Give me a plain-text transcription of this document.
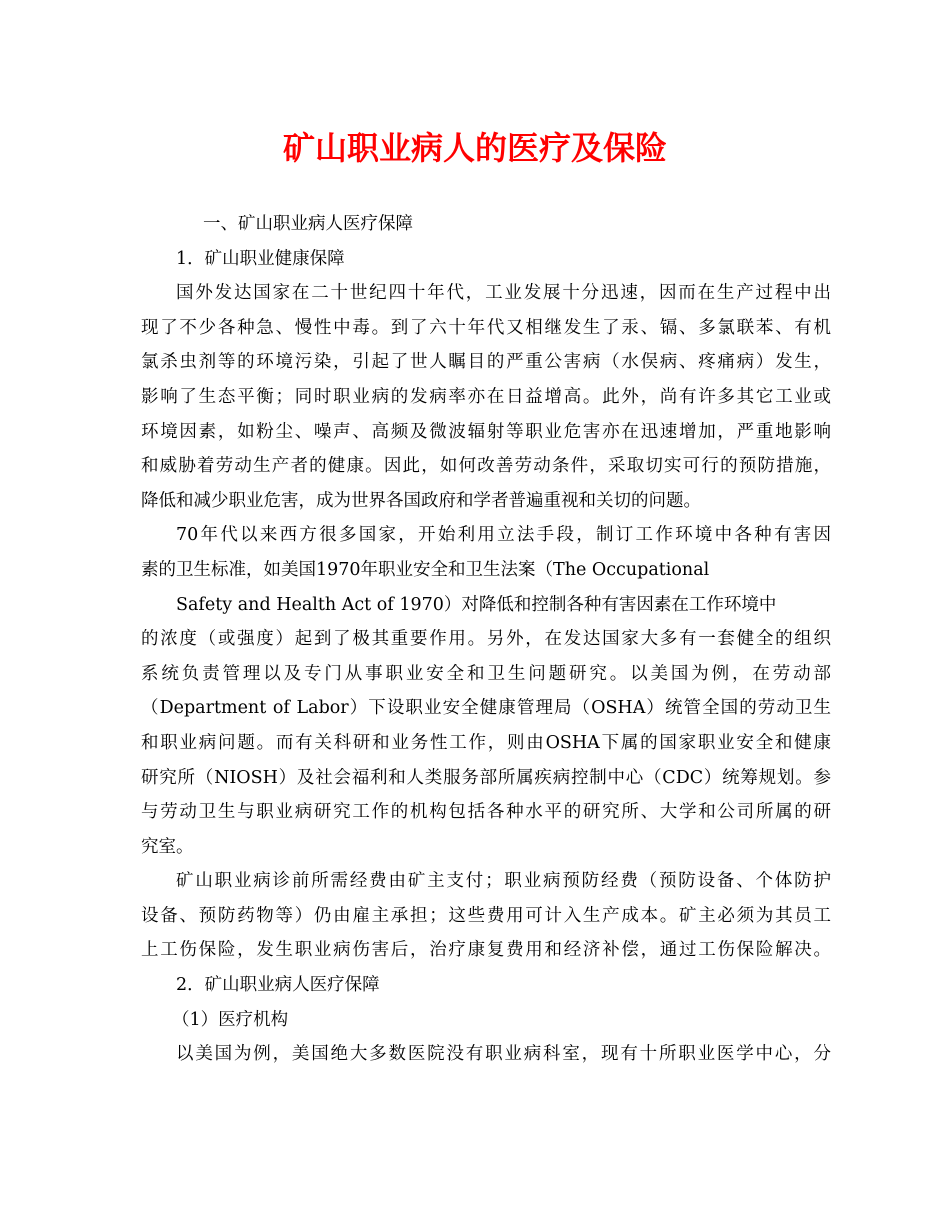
矿山职业病人的医疗及保险
一、矿山职业病人医疗保障
1．矿山职业健康保障
国外发达国家在二十世纪四十年代，工业发展十分迅速，因而在生产过程中出
现了不少各种急、慢性中毒。到了六十年代又相继发生了汞、镉、多氯联苯、有机
氯杀虫剂等的环境污染，引起了世人瞩目的严重公害病（水俣病、疼痛病）发生，
影响了生态平衡；同时职业病的发病率亦在日益增高。此外，尚有许多其它工业或
环境因素，如粉尘、噪声、高频及微波辐射等职业危害亦在迅速增加，严重地影响
和威胁着劳动生产者的健康。因此，如何改善劳动条件，采取切实可行的预防措施，
降低和减少职业危害，成为世界各国政府和学者普遍重视和关切的问题。
70年代以来西方很多国家，开始利用立法手段，制订工作环境中各种有害因
素的卫生标准，如美国1970年职业安全和卫生法案（The Occupational
Safety and Health Act of 1970）对降低和控制各种有害因素在工作环境中
的浓度（或强度）起到了极其重要作用。另外，在发达国家大多有一套健全的组织
系统负责管理以及专门从事职业安全和卫生问题研究。以美国为例，在劳动部
（Department of Labor）下设职业安全健康管理局（OSHA）统管全国的劳动卫生
和职业病问题。而有关科研和业务性工作，则由OSHA下属的国家职业安全和健康
研究所（NIOSH）及社会福利和人类服务部所属疾病控制中心（CDC）统筹规划。参
与劳动卫生与职业病研究工作的机构包括各种水平的研究所、大学和公司所属的研
究室。
矿山职业病诊前所需经费由矿主支付；职业病预防经费（预防设备、个体防护
设备、预防药物等）仍由雇主承担；这些费用可计入生产成本。矿主必须为其员工
上工伤保险，发生职业病伤害后，治疗康复费用和经济补偿，通过工伤保险解决。
2．矿山职业病人医疗保障
（1）医疗机构
以美国为例，美国绝大多数医院没有职业病科室，现有十所职业医学中心，分
